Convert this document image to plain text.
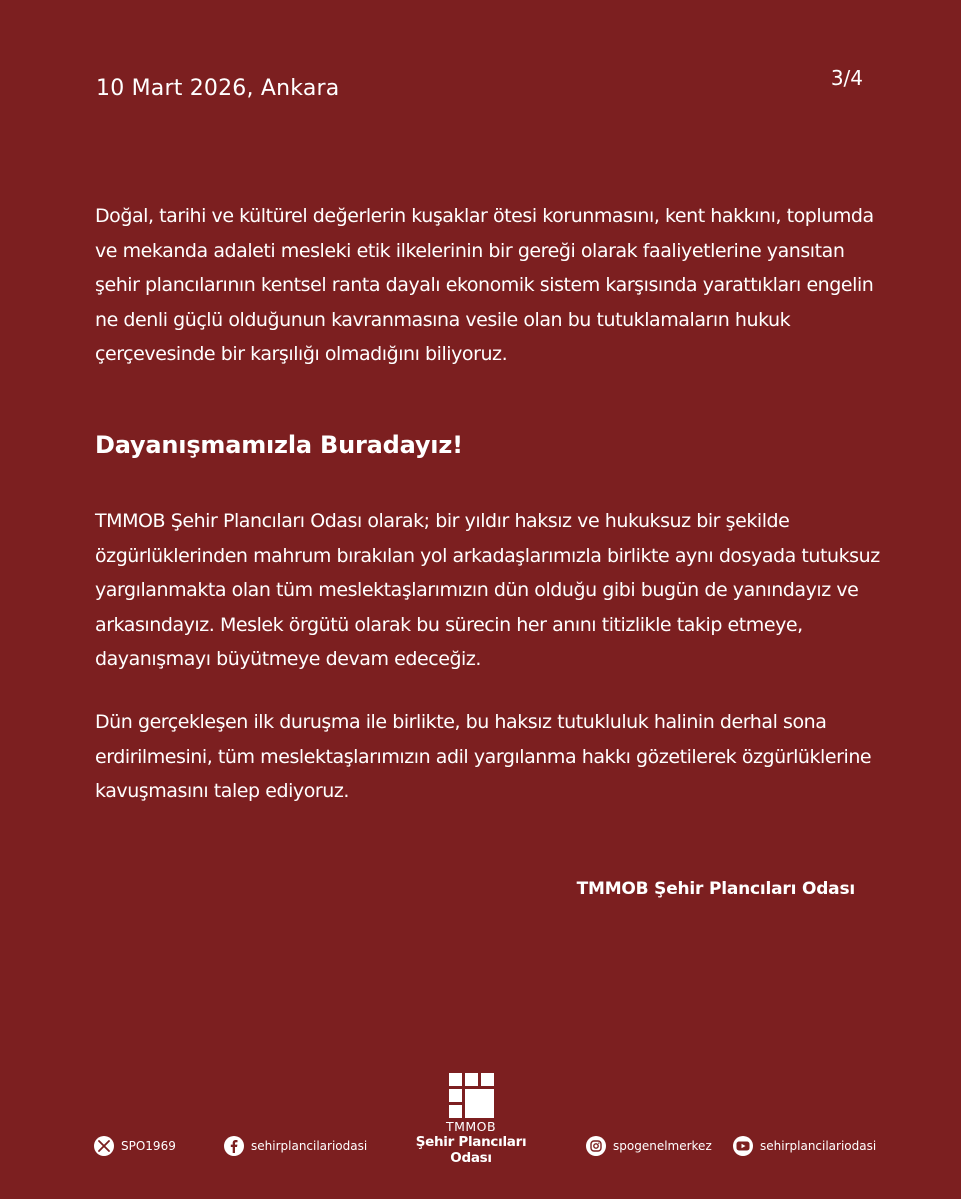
10 Mart 2026, Ankara	3/4

Doğal, tarihi ve kültürel değerlerin kuşaklar ötesi korunmasını, kent hakkını, toplumda ve mekanda adaleti mesleki etik ilkelerinin bir gereği olarak faaliyetlerine yansıtan şehir plancılarının kentsel ranta dayalı ekonomik sistem karşısında yarattıkları engelin ne denli güçlü olduğunun kavranmasına vesile olan bu tutuklamaların hukuk çerçevesinde bir karşılığı olmadığını biliyoruz.

Dayanışmamızla Buradayız!

TMMOB Şehir Plancıları Odası olarak; bir yıldır haksız ve hukuksuz bir şekilde özgürlüklerinden mahrum bırakılan yol arkadaşlarımızla birlikte aynı dosyada tutuksuz yargılanmakta olan tüm meslektaşlarımızın dün olduğu gibi bugün de yanındayız ve arkasındayız. Meslek örgütü olarak bu sürecin her anını titizlikle takip etmeye, dayanışmayı büyütmeye devam edeceğiz.

Dün gerçekleşen ilk duruşma ile birlikte, bu haksız tutukluluk halinin derhal sona erdirilmesini, tüm meslektaşlarımızın adil yargılanma hakkı gözetilerek özgürlüklerine kavuşmasını talep ediyoruz.

TMMOB Şehir Plancıları Odası
TMMOB
Şehir Plancıları Odası
SPO1969	sehirplancilariodasi	spogenelmerkez	sehirplancilariodasi
